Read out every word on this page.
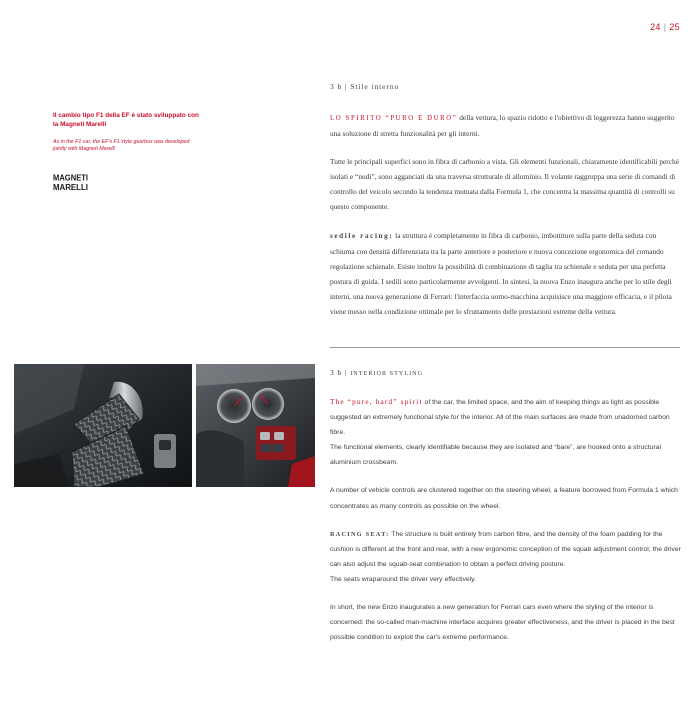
24 | 25
Il cambio tipo F1 della EF è stato sviluppato con la Magneti Marelli
As in the F1 car, the EF's F1 style gearbox was developed jointly with Magneti Marelli
MAGNETI
MARELLI
3 b | Stile interno

LO SPIRITO “PURO E DURO” della vettura, lo spazio ridotto e l'obiettivo di leggerezza hanno suggerito una soluzione di stretta funzionalità per gli interni.

Tutte le principali superfici sono in fibra di carbonio a vista. Gli elementi funzionali, chiaramente identificabili perché isolati e “nudi”, sono agganciati da una traversa strutturale di alluminio. Il volante raggruppa una serie di comandi di controllo del veicolo secondo la tendenza mutuata dalla Formula 1, che concentra la massima quantità di controlli su questo componente.

sedile racing: la struttura è completamente in fibra di carbonio, imbottiture sulla parte della seduta con schiuma con densità differenziata tra la parte anteriore e posteriore e nuova concezione ergonomica del comando regolazione schienale. Esiste inoltre la possibilità di combinazione di taglia tra schienale e seduta per una perfetta postura di guida. I sedili sono particolarmente avvolgenti. In sintesi, la nuova Enzo inaugura anche per lo stile degli interni, una nuova generazione di Ferrari: l'interfaccia uomo-macchina acquisisce una maggiore efficacia, e il pilota viene messo nella condizione ottimale per lo sfruttamento delle prestazioni estreme della vettura.

3 b | INTERIOR STYLING

The “pure, hard” spirit of the car, the limited space, and the aim of keeping things as light as possible suggested an extremely functional style for the interior. All of the main surfaces are made from unadorned carbon fibre.

The functional elements, clearly identifiable because they are isolated and “bare”, are hooked onto a structural aluminium crossbeam.

A number of vehicle controls are clustered together on the steering wheel, a feature borrowed from Formula 1 which concentrates as many controls as possible on the wheel.

RACING SEAT: The structure is built entirely from carbon fibre, and the density of the foam padding for the cushion is different at the front and rear, with a new ergonomic conception of the squab adjustment control; the driver can also adjust the squab-seat combination to obtain a perfect driving posture.

The seats wraparound the driver very effectively.

In short, the new Enzo inaugurates a new generation for Ferrari cars even where the styling of the interior is concerned: the so-called man-machine interface acquires greater effectiveness, and the driver is placed in the best possible condition to exploit the car's extreme performance.
